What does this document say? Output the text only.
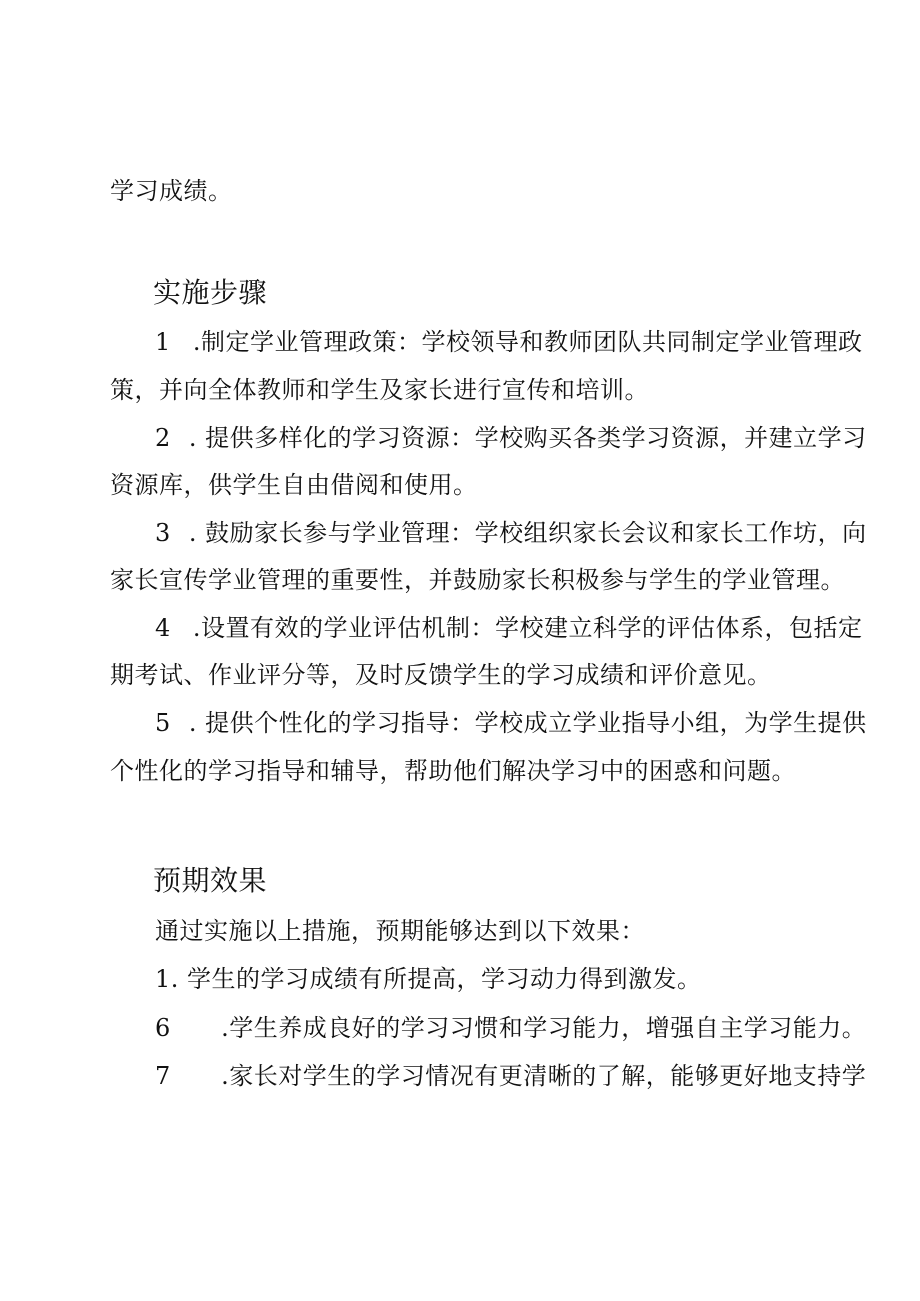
学习成绩。
实施步骤
1 .制定学业管理政策：学校领导和教师团队共同制定学业管理政
策，并向全体教师和学生及家长进行宣传和培训。
2 . 提供多样化的学习资源：学校购买各类学习资源，并建立学习
资源库，供学生自由借阅和使用。
3 . 鼓励家长参与学业管理：学校组织家长会议和家长工作坊，向
家长宣传学业管理的重要性，并鼓励家长积极参与学生的学业管理。
4 .设置有效的学业评估机制：学校建立科学的评估体系，包括定
期考试、作业评分等，及时反馈学生的学习成绩和评价意见。
5 . 提供个性化的学习指导：学校成立学业指导小组，为学生提供
个性化的学习指导和辅导，帮助他们解决学习中的困惑和问题。
预期效果
通过实施以上措施，预期能够达到以下效果：
1. 学生的学习成绩有所提高，学习动力得到激发。
6 .学生养成良好的学习习惯和学习能力，增强自主学习能力。
7 .家长对学生的学习情况有更清晰的了解，能够更好地支持学
